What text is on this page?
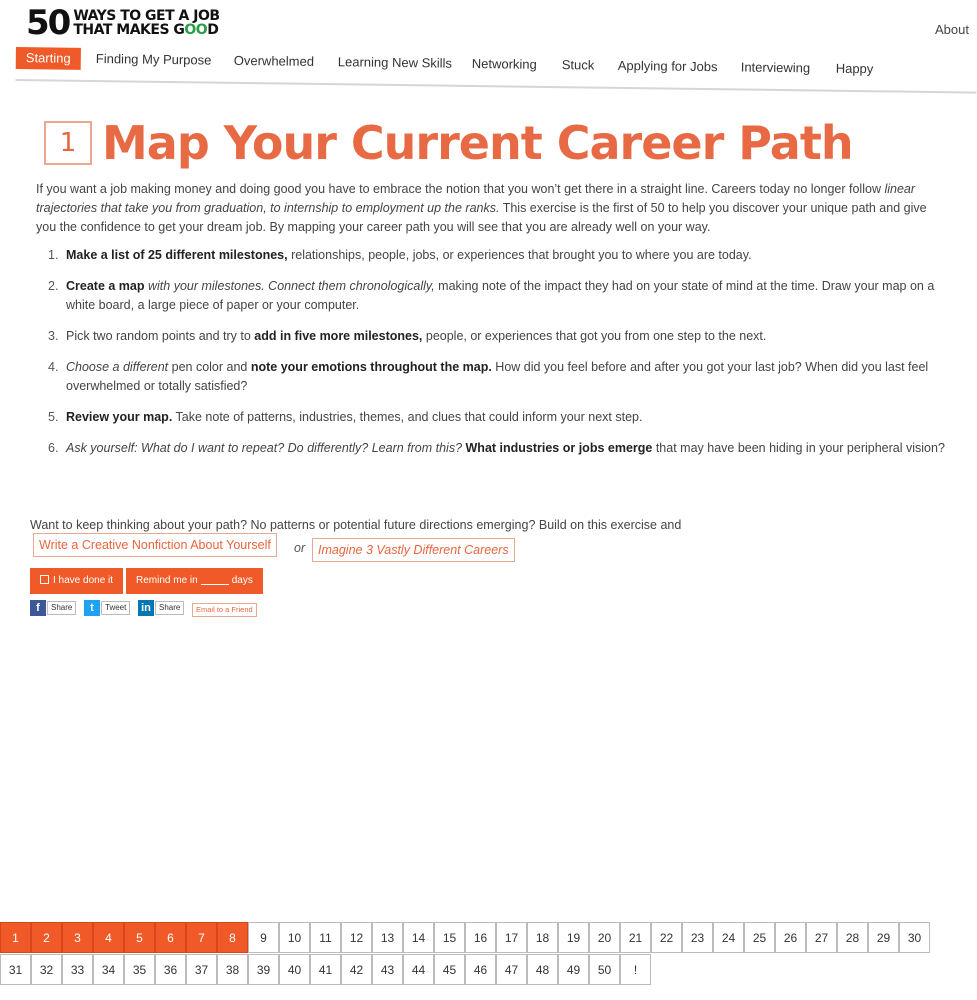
50 WAYS TO GET A JOB
THAT MAKES GOOD	About
Starting	Finding My Purpose	Overwhelmed	Learning New Skills	Networking	Stuck	Applying for Jobs	Interviewing	Happy
1 Map Your Current Career Path

If you want a job making money and doing good you have to embrace the notion that you won’t get there in a straight line. Careers today no longer follow linear trajectories that take you from graduation, to internship to employment up the ranks. This exercise is the first of 50 to help you discover your unique path and give you the confidence to get your dream job. By mapping your career path you will see that you are already well on your way.

1. Make a list of 25 different milestones, relationships, people, jobs, or experiences that brought you to where you are today.
2. Create a map with your milestones. Connect them chronologically, making note of the impact they had on your state of mind at the time. Draw your map on a white board, a large piece of paper or your computer.
3. Pick two random points and try to add in five more milestones, people, or experiences that got you from one step to the next.
4. Choose a different pen color and note your emotions throughout the map. How did you feel before and after you got your last job? When did you last feel overwhelmed or totally satisfied?
5. Review your map. Take note of patterns, industries, themes, and clues that could inform your next step.
6. Ask yourself: What do I want to repeat? Do differently? Learn from this? What industries or jobs emerge that may have been hiding in your peripheral vision?

Want to keep thinking about your path? No patterns or potential future directions emerging? Build on this exercise and

Write a Creative Nonfiction About Yourself	or	Imagine 3 Vastly Different Careers
I have done it	Remind me in	days
f	Share	t	Tweet	in	Share	Email to a Friend
1	2	3	4	5	6	7	8	9	10	11	12	13	14	15	16	17	18	19	20	21	22	23	24	25	26	27	28	29	30
31	32	33	34	35	36	37	38	39	40	41	42	43	44	45	46	47	48	49	50	!
